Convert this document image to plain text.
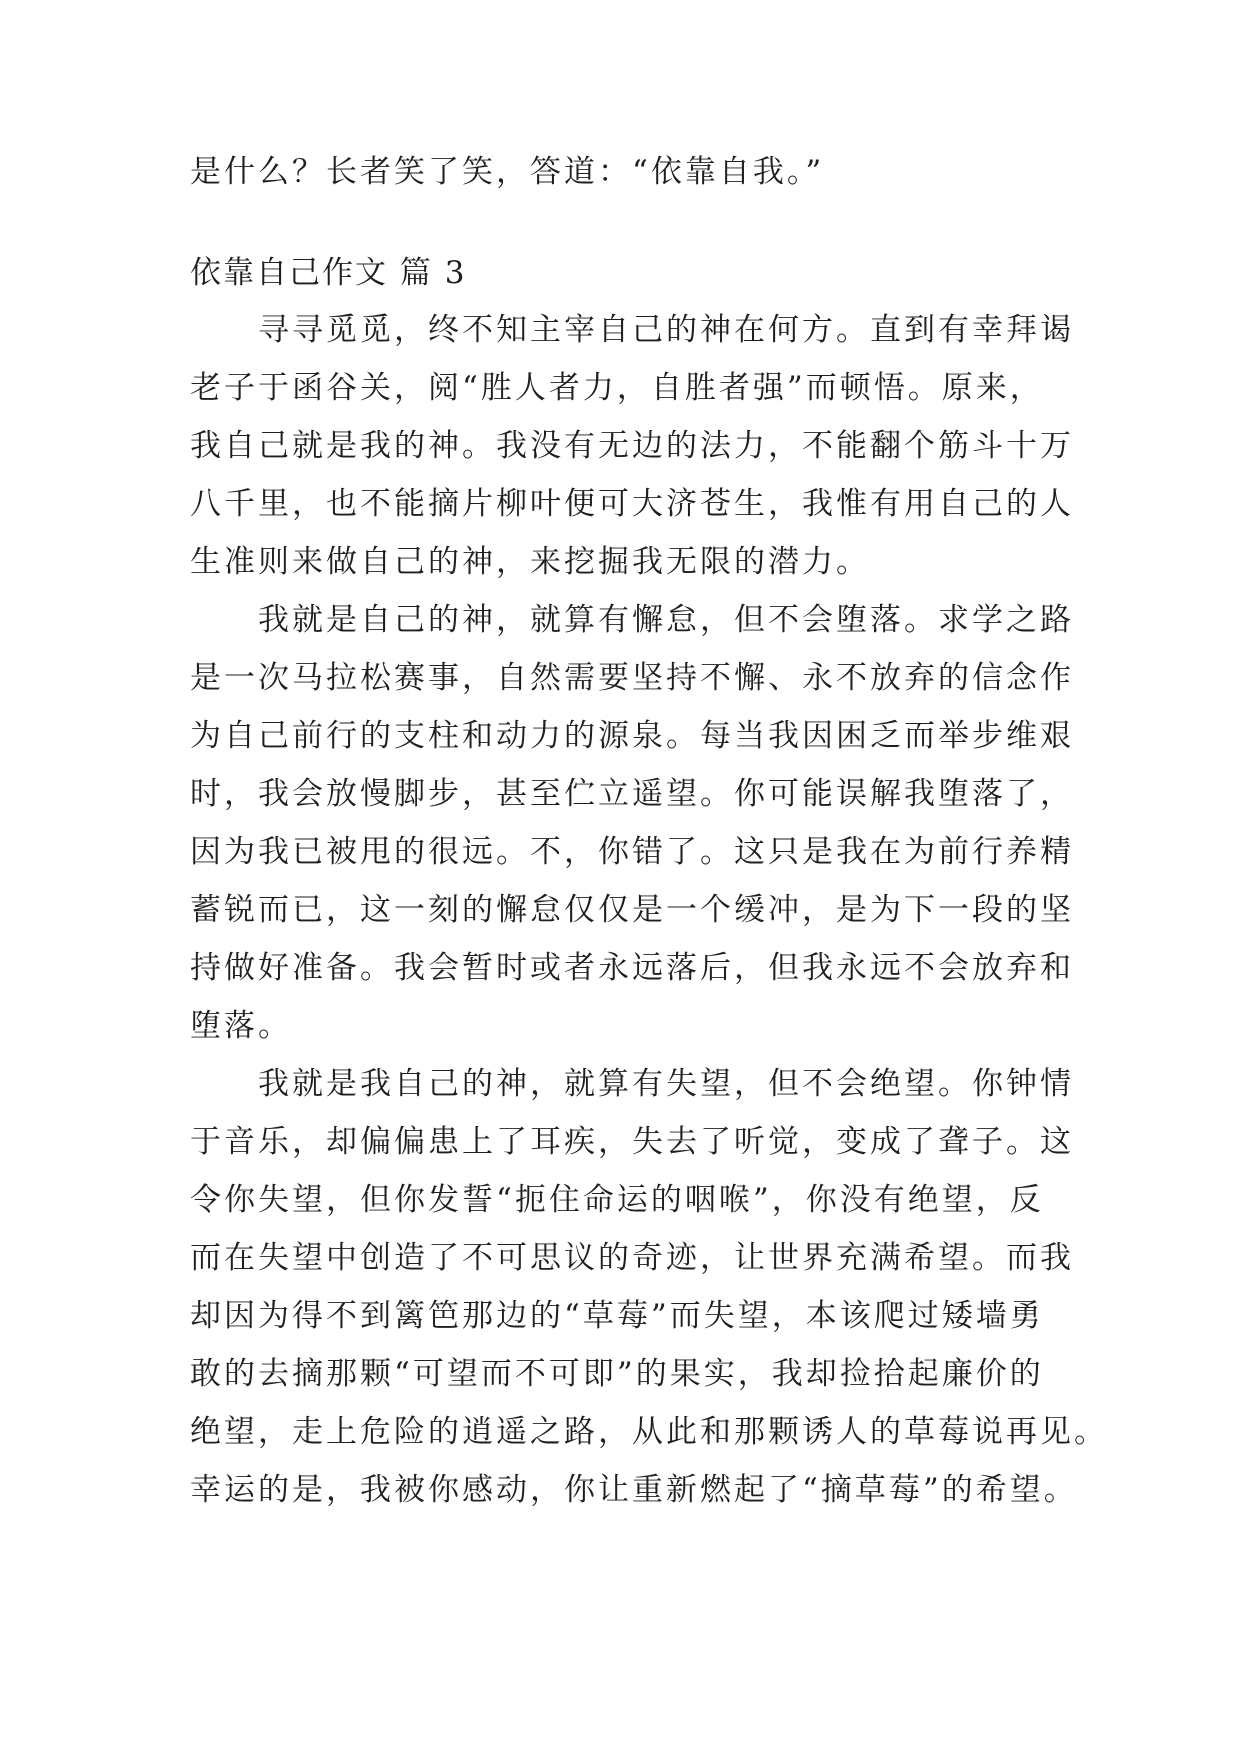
是什么？长者笑了笑，答道：“依靠自我。”
依靠自己作文 篇 3
　　寻寻觅觅，终不知主宰自己的神在何方。直到有幸拜谒
老子于函谷关，阅“胜人者力，自胜者强”而顿悟。原来，
我自己就是我的神。我没有无边的法力，不能翻个筋斗十万
八千里，也不能摘片柳叶便可大济苍生，我惟有用自己的人
生准则来做自己的神，来挖掘我无限的潜力。
　　我就是自己的神，就算有懈怠，但不会堕落。求学之路
是一次马拉松赛事，自然需要坚持不懈、永不放弃的信念作
为自己前行的支柱和动力的源泉。每当我因困乏而举步维艰
时，我会放慢脚步，甚至伫立遥望。你可能误解我堕落了，
因为我已被甩的很远。不，你错了。这只是我在为前行养精
蓄锐而已，这一刻的懈怠仅仅是一个缓冲，是为下一段的坚
持做好准备。我会暂时或者永远落后，但我永远不会放弃和
堕落。
　　我就是我自己的神，就算有失望，但不会绝望。你钟情
于音乐，却偏偏患上了耳疾，失去了听觉，变成了聋子。这
令你失望，但你发誓“扼住命运的咽喉”，你没有绝望，反
而在失望中创造了不可思议的奇迹，让世界充满希望。而我
却因为得不到篱笆那边的“草莓”而失望，本该爬过矮墙勇
敢的去摘那颗“可望而不可即”的果实，我却捡拾起廉价的
绝望，走上危险的逍遥之路，从此和那颗诱人的草莓说再见。
幸运的是，我被你感动，你让重新燃起了“摘草莓”的希望。
